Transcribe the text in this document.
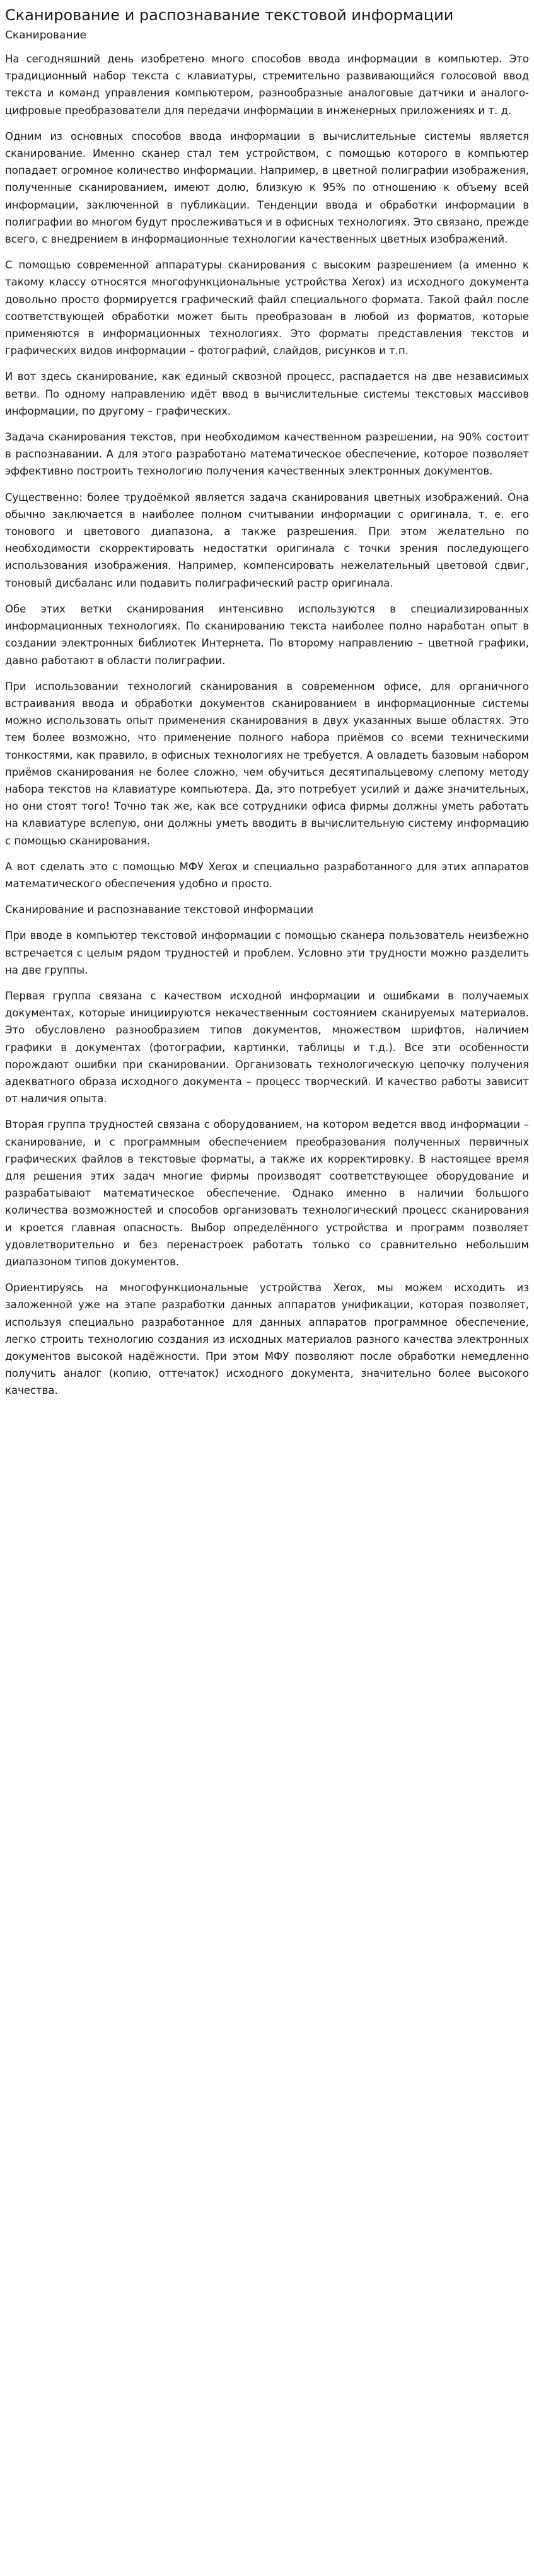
Сканирование и распознавание текстовой информации
Сканирование

На сегодняшний день изобретено много способов ввода информации в компьютер. Это традиционный набор текста с клавиатуры, стремительно развивающийся голосовой ввод текста и команд управления компьютером, разнообразные аналоговые датчики и аналого-цифровые преобразователи для передачи информации в инженерных приложениях и т. д.

Одним из основных способов ввода информации в вычислительные системы является сканирование. Именно сканер стал тем устройством, с помощью которого в компьютер попадает огромное количество информации. Например, в цветной полиграфии изображения, полученные сканированием, имеют долю, близкую к 95% по отношению к объему всей информации, заключенной в публикации. Тенденции ввода и обработки информации в полиграфии во многом будут прослеживаться и в офисных технологиях. Это связано, прежде всего, с внедрением в информационные технологии качественных цветных изображений.

С помощью современной аппаратуры сканирования с высоким разрешением (а именно к такому классу относятся многофункциональные устройства Xerox) из исходного документа довольно просто формируется графический файл специального формата. Такой файл после соответствующей обработки может быть преобразован в любой из форматов, которые применяются в информационных технологиях. Это форматы представления текстов и графических видов информации – фотографий, слайдов, рисунков и т.п.

И вот здесь сканирование, как единый сквозной процесс, распадается на две независимых ветви. По одному направлению идёт ввод в вычислительные системы текстовых массивов информации, по другому – графических.

Задача сканирования текстов, при необходимом качественном разрешении, на 90% состоит в распознавании. А для этого разработано математическое обеспечение, которое позволяет эффективно построить технологию получения качественных электронных документов.

Существенно: более трудоёмкой является задача сканирования цветных изображений. Она обычно заключается в наиболее полном считывании информации с оригинала, т. е. его тонового и цветового диапазона, а также разрешения. При этом желательно по необходимости скорректировать недостатки оригинала с точки зрения последующего использования изображения. Например, компенсировать нежелательный цветовой сдвиг, тоновый дисбаланс или подавить полиграфический растр оригинала.

Обе этих ветки сканирования интенсивно используются в специализированных информационных технологиях. По сканированию текста наиболее полно наработан опыт в создании электронных библиотек Интернета. По второму направлению – цветной графики, давно работают в области полиграфии.

При использовании технологий сканирования в современном офисе, для органичного встраивания ввода и обработки документов сканированием в информационные системы можно использовать опыт применения сканирования в двух указанных выше областях. Это тем более возможно, что применение полного набора приёмов со всеми техническими тонкостями, как правило, в офисных технологиях не требуется. А овладеть базовым набором приёмов сканирования не более сложно, чем обучиться десятипальцевому слепому методу набора текстов на клавиатуре компьютера. Да, это потребует усилий и даже значительных, но они стоят того! Точно так же, как все сотрудники офиса фирмы должны уметь работать на клавиатуре вслепую, они должны уметь вводить в вычислительную систему информацию с помощью сканирования.

А вот сделать это с помощью МФУ Xerox и специально разработанного для этих аппаратов математического обеспечения удобно и просто.

Сканирование и распознавание текстовой информации

При вводе в компьютер текстовой информации с помощью сканера пользователь неизбежно встречается с целым рядом трудностей и проблем. Условно эти трудности можно разделить на две группы.

Первая группа связана с качеством исходной информации и ошибками в получаемых документах, которые инициируются некачественным состоянием сканируемых материалов. Это обусловлено разнообразием типов документов, множеством шрифтов, наличием графики в документах (фотографии, картинки, таблицы и т.д.). Все эти особенности порождают ошибки при сканировании. Организовать технологическую цепочку получения адекватного образа исходного документа – процесс творческий. И качество работы зависит от наличия опыта.

Вторая группа трудностей связана с оборудованием, на котором ведется ввод информации – сканирование, и с программным обеспечением преобразования полученных первичных графических файлов в текстовые форматы, а также их корректировку. В настоящее время для решения этих задач многие фирмы производят соответствующее оборудование и разрабатывают математическое обеспечение. Однако именно в наличии большого количества возможностей и способов организовать технологический процесс сканирования и кроется главная опасность. Выбор определённого устройства и программ позволяет удовлетворительно и без перенастроек работать только со сравнительно небольшим диапазоном типов документов.

Ориентируясь на многофункциональные устройства Xerox, мы можем исходить из заложенной уже на этапе разработки данных аппаратов унификации, которая позволяет, используя специально разработанное для данных аппаратов программное обеспечение, легко строить технологию создания из исходных материалов разного качества электронных документов высокой надёжности. При этом МФУ позволяют после обработки немедленно получить аналог (копию, оттечаток) исходного документа, значительно более высокого качества.
